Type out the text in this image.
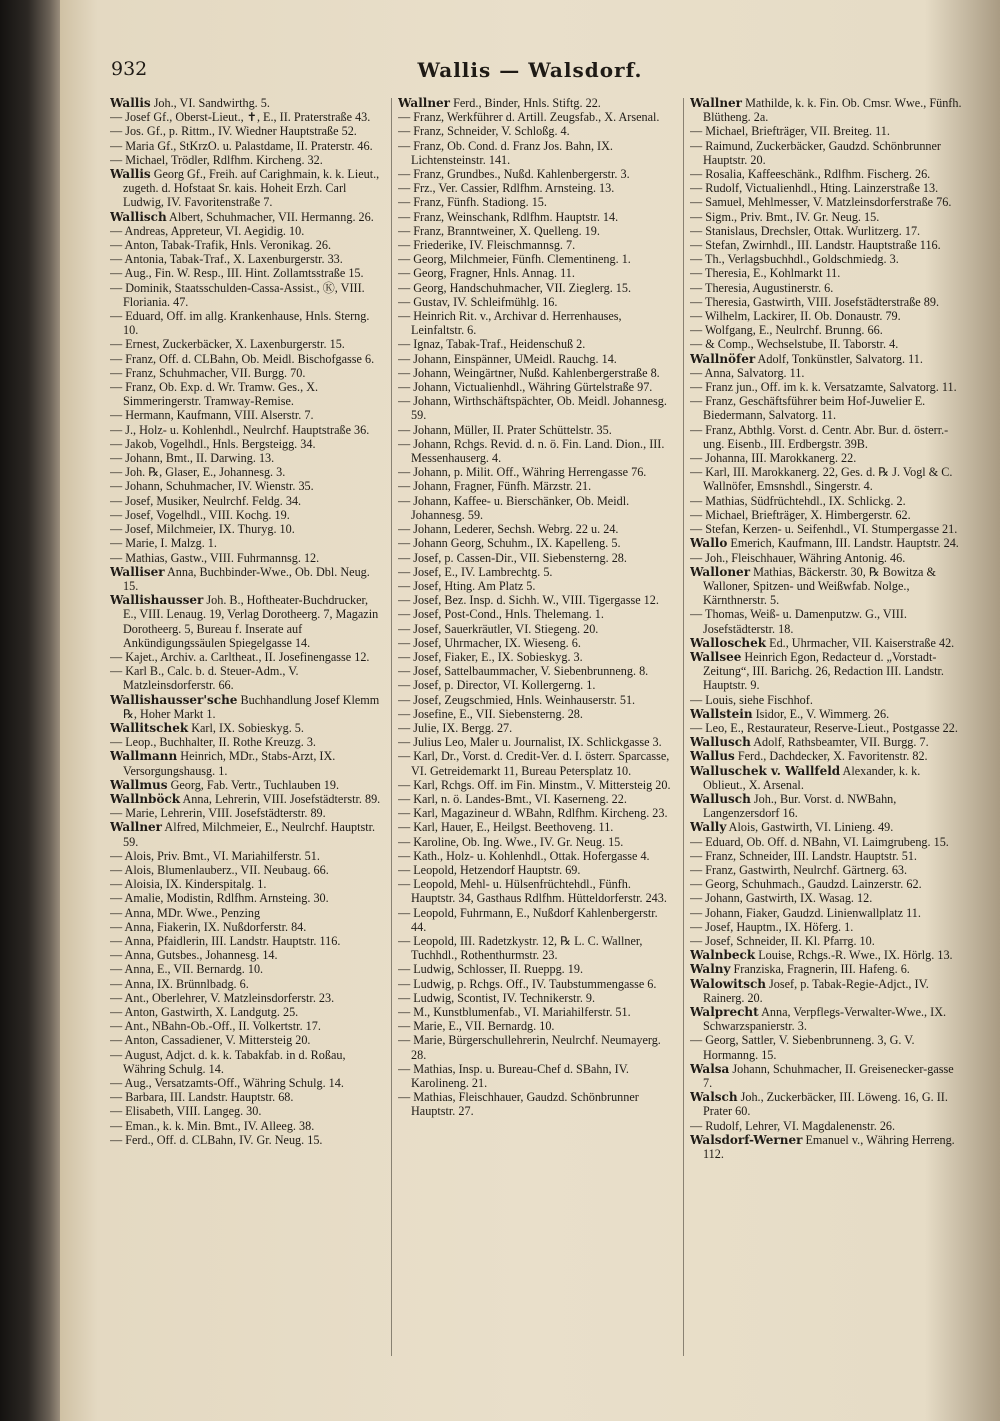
932	Wallis — Walsdorf.

Wallis Joh., VI. Sandwirthg. 5.

— Josef Gf., Oberst-Lieut., ✝, E., II. Praterstraße 43.

— Jos. Gf., p. Rittm., IV. Wiedner Hauptstraße 52.

— Maria Gf., StKrzO. u. Palastdame, II. Praterstr. 46.

— Michael, Trödler, Rdlfhm. Kircheng. 32.

Wallis Georg Gf., Freih. auf Carighmain, k. k. Lieut., zugeth. d. Hofstaat Sr. kais. Hoheit Erzh. Carl Ludwig, IV. Favoritenstraße 7.

Wallisch Albert, Schuhmacher, VII. Hermanng. 26.

— Andreas, Appreteur, VI. Aegidig. 10.

— Anton, Tabak-Trafik, Hnls. Veronikag. 26.

— Antonia, Tabak-Traf., X. Laxenburgerstr. 33.

— Aug., Fin. W. Resp., III. Hint. Zollamtsstraße 15.

— Dominik, Staatsschulden-Cassa-Assist., Ⓚ, VIII. Floriania. 47.

— Eduard, Off. im allg. Krankenhause, Hnls. Sterng. 10.

— Ernest, Zuckerbäcker, X. Laxenburgerstr. 15.

— Franz, Off. d. CLBahn, Ob. Meidl. Bischofgasse 6.

— Franz, Schuhmacher, VII. Burgg. 70.

— Franz, Ob. Exp. d. Wr. Tramw. Ges., X. Simmeringerstr. Tramway-Remise.

— Hermann, Kaufmann, VIII. Alserstr. 7.

— J., Holz- u. Kohlenhdl., Neulrchf. Hauptstraße 36.

— Jakob, Vogelhdl., Hnls. Bergsteigg. 34.

— Johann, Bmt., II. Darwing. 13.

— Joh. ℞, Glaser, E., Johannesg. 3.

— Johann, Schuhmacher, IV. Wienstr. 35.

— Josef, Musiker, Neulrchf. Feldg. 34.

— Josef, Vogelhdl., VIII. Kochg. 19.

— Josef, Milchmeier, IX. Thuryg. 10.

— Marie, I. Malzg. 1.

— Mathias, Gastw., VIII. Fuhrmannsg. 12.

Walliser Anna, Buchbinder-Wwe., Ob. Dbl. Neug. 15.

Wallishausser Joh. B., Hoftheater-Buchdrucker, E., VIII. Lenaug. 19, Verlag Dorotheerg. 7, Magazin Dorotheerg. 5, Bureau f. Inserate auf Ankündigungssäulen Spiegelgasse 14.

— Kajet., Archiv. a. Carltheat., II. Josefinengasse 12.

— Karl B., Calc. b. d. Steuer-Adm., V. Matzleinsdorferstr. 66.

Wallishausser'sche Buchhandlung Josef Klemm ℞, Hoher Markt 1.

Wallitschek Karl, IX. Sobieskyg. 5.

— Leop., Buchhalter, II. Rothe Kreuzg. 3.

Wallmann Heinrich, MDr., Stabs-Arzt, IX. Versorgungshausg. 1.

Wallmus Georg, Fab. Vertr., Tuchlauben 19.

Wallnböck Anna, Lehrerin, VIII. Josefstädterstr. 89.

— Marie, Lehrerin, VIII. Josefstädterstr. 89.

Wallner Alfred, Milchmeier, E., Neulrchf. Hauptstr. 59.

— Alois, Priv. Bmt., VI. Mariahilferstr. 51.

— Alois, Blumenlauberz., VII. Neubaug. 66.

— Aloisia, IX. Kinderspitalg. 1.

— Amalie, Modistin, Rdlfhm. Arnsteing. 30.

— Anna, MDr. Wwe., Penzing

— Anna, Fiakerin, IX. Nußdorferstr. 84.

— Anna, Pfaidlerin, III. Landstr. Hauptstr. 116.

— Anna, Gutsbes., Johannesg. 14.

— Anna, E., VII. Bernardg. 10.

— Anna, IX. Brünnlbadg. 6.

— Ant., Oberlehrer, V. Matzleinsdorferstr. 23.

— Anton, Gastwirth, X. Landgutg. 25.

— Ant., NBahn-Ob.-Off., II. Volkertstr. 17.

— Anton, Cassadiener, V. Mittersteig 20.

— August, Adjct. d. k. k. Tabakfab. in d. Roßau, Währing Schulg. 14.

— Aug., Versatzamts-Off., Währing Schulg. 14.

— Barbara, III. Landstr. Hauptstr. 68.

— Elisabeth, VIII. Langeg. 30.

— Eman., k. k. Min. Bmt., IV. Alleeg. 38.

— Ferd., Off. d. CLBahn, IV. Gr. Neug. 15.

Wallner Ferd., Binder, Hnls. Stiftg. 22.

— Franz, Werkführer d. Artill. Zeugsfab., X. Arsenal.

— Franz, Schneider, V. Schloßg. 4.

— Franz, Ob. Cond. d. Franz Jos. Bahn, IX. Lichtensteinstr. 141.

— Franz, Grundbes., Nußd. Kahlenbergerstr. 3.

— Frz., Ver. Cassier, Rdlfhm. Arnsteing. 13.

— Franz, Fünfh. Stadiong. 15.

— Franz, Weinschank, Rdlfhm. Hauptstr. 14.

— Franz, Branntweiner, X. Quelleng. 19.

— Friederike, IV. Fleischmannsg. 7.

— Georg, Milchmeier, Fünfh. Clementineng. 1.

— Georg, Fragner, Hnls. Annag. 11.

— Georg, Handschuhmacher, VII. Zieglerg. 15.

— Gustav, IV. Schleifmühlg. 16.

— Heinrich Rit. v., Archivar d. Herrenhauses, Leinfaltstr. 6.

— Ignaz, Tabak-Traf., Heidenschuß 2.

— Johann, Einspänner, UMeidl. Rauchg. 14.

— Johann, Weingärtner, Nußd. Kahlenbergerstraße 8.

— Johann, Victualienhdl., Währing Gürtelstraße 97.

— Johann, Wirthschäftspächter, Ob. Meidl. Johannesg. 59.

— Johann, Müller, II. Prater Schüttelstr. 35.

— Johann, Rchgs. Revid. d. n. ö. Fin. Land. Dion., III. Messenhauserg. 4.

— Johann, p. Milit. Off., Währing Herrengasse 76.

— Johann, Fragner, Fünfh. Märzstr. 21.

— Johann, Kaffee- u. Bierschänker, Ob. Meidl. Johannesg. 59.

— Johann, Lederer, Sechsh. Webrg. 22 u. 24.

— Johann Georg, Schuhm., IX. Kapelleng. 5.

— Josef, p. Cassen-Dir., VII. Siebensterng. 28.

— Josef, E., IV. Lambrechtg. 5.

— Josef, Hting. Am Platz 5.

— Josef, Bez. Insp. d. Sichh. W., VIII. Tigergasse 12.

— Josef, Post-Cond., Hnls. Thelemang. 1.

— Josef, Sauerkräutler, VI. Stiegeng. 20.

— Josef, Uhrmacher, IX. Wieseng. 6.

— Josef, Fiaker, E., IX. Sobieskyg. 3.

— Josef, Sattelbaummacher, V. Siebenbrunneng. 8.

— Josef, p. Director, VI. Kollergerng. 1.

— Josef, Zeugschmied, Hnls. Weinhauserstr. 51.

— Josefine, E., VII. Siebensterng. 28.

— Julie, IX. Bergg. 27.

— Julius Leo, Maler u. Journalist, IX. Schlickgasse 3.

— Karl, Dr., Vorst. d. Credit-Ver. d. I. österr. Sparcasse, VI. Getreidemarkt 11, Bureau Petersplatz 10.

— Karl, Rchgs. Off. im Fin. Minstm., V. Mittersteig 20.

— Karl, n. ö. Landes-Bmt., VI. Kaserneng. 22.

— Karl, Magazineur d. WBahn, Rdlfhm. Kircheng. 23.

— Karl, Hauer, E., Heilgst. Beethoveng. 11.

— Karoline, Ob. Ing. Wwe., IV. Gr. Neug. 15.

— Kath., Holz- u. Kohlenhdl., Ottak. Hofergasse 4.

— Leopold, Hetzendorf Hauptstr. 69.

— Leopold, Mehl- u. Hülsenfrüchtehdl., Fünfh. Hauptstr. 34, Gasthaus Rdlfhm. Hütteldorferstr. 243.

— Leopold, Fuhrmann, E., Nußdorf Kahlenbergerstr. 44.

— Leopold, III. Radetzkystr. 12, ℞ L. C. Wallner, Tuchhdl., Rothenthurmstr. 23.

— Ludwig, Schlosser, II. Rueppg. 19.

— Ludwig, p. Rchgs. Off., IV. Taubstummengasse 6.

— Ludwig, Scontist, IV. Technikerstr. 9.

— M., Kunstblumenfab., VI. Mariahilferstr. 51.

— Marie, E., VII. Bernardg. 10.

— Marie, Bürgerschullehrerin, Neulrchf. Neumayerg. 28.

— Mathias, Insp. u. Bureau-Chef d. SBahn, IV. Karolineng. 21.

— Mathias, Fleischhauer, Gaudzd. Schönbrunner Hauptstr. 27.

Wallner Mathilde, k. k. Fin. Ob. Cmsr. Wwe., Fünfh. Blütheng. 2a.

— Michael, Briefträger, VII. Breiteg. 11.

— Raimund, Zuckerbäcker, Gaudzd. Schönbrunner Hauptstr. 20.

— Rosalia, Kaffeeschänk., Rdlfhm. Fischerg. 26.

— Rudolf, Victualienhdl., Hting. Lainzerstraße 13.

— Samuel, Mehlmesser, V. Matzleinsdorferstraße 76.

— Sigm., Priv. Bmt., IV. Gr. Neug. 15.

— Stanislaus, Drechsler, Ottak. Wurlitzerg. 17.

— Stefan, Zwirnhdl., III. Landstr. Hauptstraße 116.

— Th., Verlagsbuchhdl., Goldschmiedg. 3.

— Theresia, E., Kohlmarkt 11.

— Theresia, Augustinerstr. 6.

— Theresia, Gastwirth, VIII. Josefstädterstraße 89.

— Wilhelm, Lackirer, II. Ob. Donaustr. 79.

— Wolfgang, E., Neulrchf. Brunng. 66.

— & Comp., Wechselstube, II. Taborstr. 4.

Wallnöfer Adolf, Tonkünstler, Salvatorg. 11.

— Anna, Salvatorg. 11.

— Franz jun., Off. im k. k. Versatzamte, Salvatorg. 11.

— Franz, Geschäftsführer beim Hof-Juwelier E. Biedermann, Salvatorg. 11.

— Franz, Abthlg. Vorst. d. Centr. Abr. Bur. d. österr.-ung. Eisenb., III. Erdbergstr. 39B.

— Johanna, III. Marokkanerg. 22.

— Karl, III. Marokkanerg. 22, Ges. d. ℞ J. Vogl & C. Wallnöfer, Emsnshdl., Singerstr. 4.

— Mathias, Südfrüchtehdl., IX. Schlickg. 2.

— Michael, Briefträger, X. Himbergerstr. 62.

— Stefan, Kerzen- u. Seifenhdl., VI. Stumpergasse 21.

Wallo Emerich, Kaufmann, III. Landstr. Hauptstr. 24.

— Joh., Fleischhauer, Währing Antonig. 46.

Walloner Mathias, Bäckerstr. 30, ℞ Bowitza & Walloner, Spitzen- und Weißwfab. Nolge., Kärnthnerstr. 5.

— Thomas, Weiß- u. Damenputzw. G., VIII. Josefstädterstr. 18.

Walloschek Ed., Uhrmacher, VII. Kaiserstraße 42.

Wallsee Heinrich Egon, Redacteur d. „Vorstadt-Zeitung“, III. Barichg. 26, Redaction III. Landstr. Hauptstr. 9.

— Louis, siehe Fischhof.

Wallstein Isidor, E., V. Wimmerg. 26.

— Leo, E., Restaurateur, Reserve-Lieut., Postgasse 22.

Wallusch Adolf, Rathsbeamter, VII. Burgg. 7.

Wallus Ferd., Dachdecker, X. Favoritenstr. 82.

Walluschek v. Wallfeld Alexander, k. k. Oblieut., X. Arsenal.

Wallusch Joh., Bur. Vorst. d. NWBahn, Langenzersdorf 16.

Wally Alois, Gastwirth, VI. Linieng. 49.

— Eduard, Ob. Off. d. NBahn, VI. Laimgrubeng. 15.

— Franz, Schneider, III. Landstr. Hauptstr. 51.

— Franz, Gastwirth, Neulrchf. Gärtnerg. 63.

— Georg, Schuhmach., Gaudzd. Lainzerstr. 62.

— Johann, Gastwirth, IX. Wasag. 12.

— Johann, Fiaker, Gaudzd. Linienwallplatz 11.

— Josef, Hauptm., IX. Höferg. 1.

— Josef, Schneider, II. Kl. Pfarrg. 10.

Walnbeck Louise, Rchgs.-R. Wwe., IX. Hörlg. 13.

Walny Franziska, Fragnerin, III. Hafeng. 6.

Walowitsch Josef, p. Tabak-Regie-Adjct., IV. Rainerg. 20.

Walprecht Anna, Verpflegs-Verwalter-Wwe., IX. Schwarzspanierstr. 3.

— Georg, Sattler, V. Siebenbrunneng. 3, G. V. Hormanng. 15.

Walsa Johann, Schuhmacher, II. Greisenecker-gasse 7.

Walsch Joh., Zuckerbäcker, III. Löweng. 16, G. II. Prater 60.

— Rudolf, Lehrer, VI. Magdalenenstr. 26.

Walsdorf-Werner Emanuel v., Währing Herreng. 112.
